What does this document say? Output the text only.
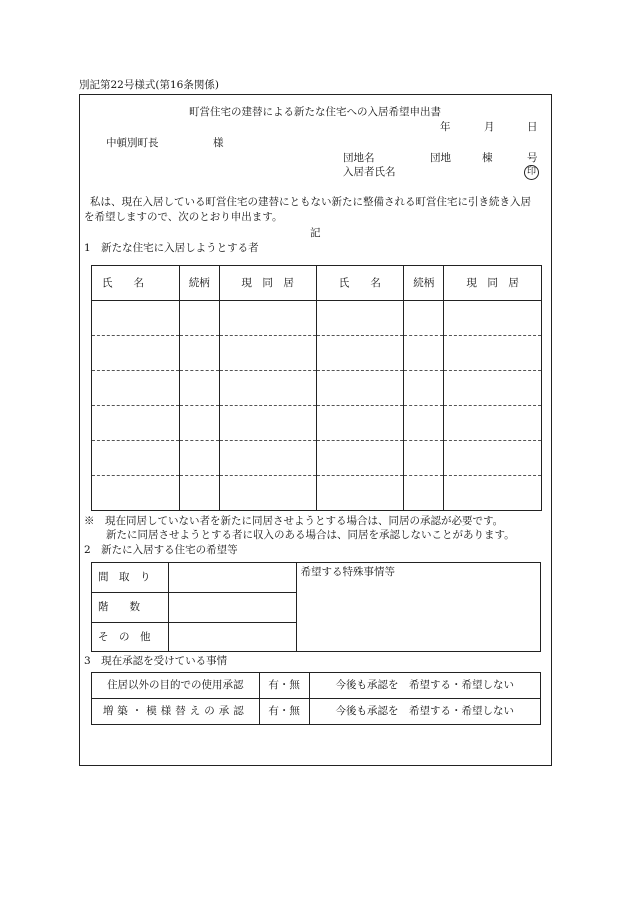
別記第22号様式(第16条関係)
町営住宅の建替による新たな住宅への入居希望申出書
年	月	日
中頓別町長	様
団地名	団地	棟	号
入居者氏名	印
私は、現在入居している町営住宅の建替にともない新たに整備される町営住宅に引き続き入居
を希望しますので、次のとおり申出ます。
記
1　新たな住宅に入居しようとする者
氏　　名	続柄	現　同　居	氏　　名	続柄	現　同　居

※　現在同居していない者を新たに同居させようとする場合は、同居の承認が必要です。
新たに同居させようとする者に収入のある場合は、同居を承認しないことがあります。
2　新たに入居する住宅の希望等
間　取　り		希望する特殊事情等

階　　数		

そ　の　他		

3　現在承認を受けている事情
住居以外の目的での使用承認	有・無	今後も承認を　希望する・希望しない
増築・模様替えの承認	有・無	今後も承認を　希望する・希望しない
